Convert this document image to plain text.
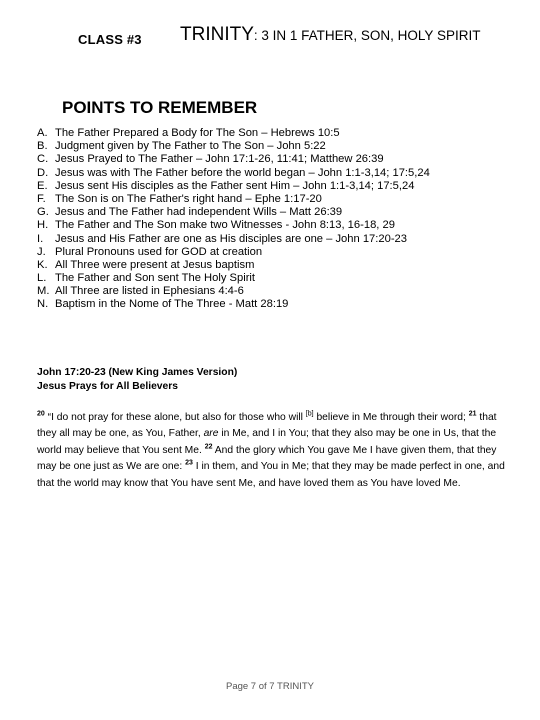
CLASS #3 TRINITY: 3 IN 1 FATHER, SON, HOLY SPIRIT
POINTS TO REMEMBER
A. The Father Prepared a Body for The Son – Hebrews 10:5
B. Judgment given by The Father to The Son – John 5:22
C. Jesus Prayed to The Father – John 17:1-26, 11:41; Matthew 26:39
D. Jesus was with The Father before the world began – John 1:1-3,14; 17:5,24
E. Jesus sent His disciples as the Father sent Him – John 1:1-3,14; 17:5,24
F. The Son is on The Father's right hand – Ephe 1:17-20
G. Jesus and The Father had independent Wills – Matt 26:39
H. The Father and The Son make two Witnesses - John 8:13, 16-18, 29
I.	Jesus and His Father are one as His disciples are one – John 17:20-23
J. Plural Pronouns used for GOD at creation
K. All Three were present at Jesus baptism
L. The Father and Son sent The Holy Spirit
M. All Three are listed in Ephesians 4:4-6
N. Baptism in the Nome of The Three - Matt 28:19
John 17:20-23 (New King James Version)
Jesus Prays for All Believers

$^{20}$ “I do not pray for these alone, but also for those who will [b] believe in Me through their word; $^{21}$ that they all may be one, as You, Father, are in Me, and I in You; that they also may be one in Us, that the world may believe that You sent Me. $^{22}$ And the glory which You gave Me I have given them, that they may be one just as We are one: $^{23}$ I in them, and You in Me; that they may be made perfect in one, and that the world may know that You have sent Me, and have loved them as You have loved Me.

Page 7 of 7 TRINITY
